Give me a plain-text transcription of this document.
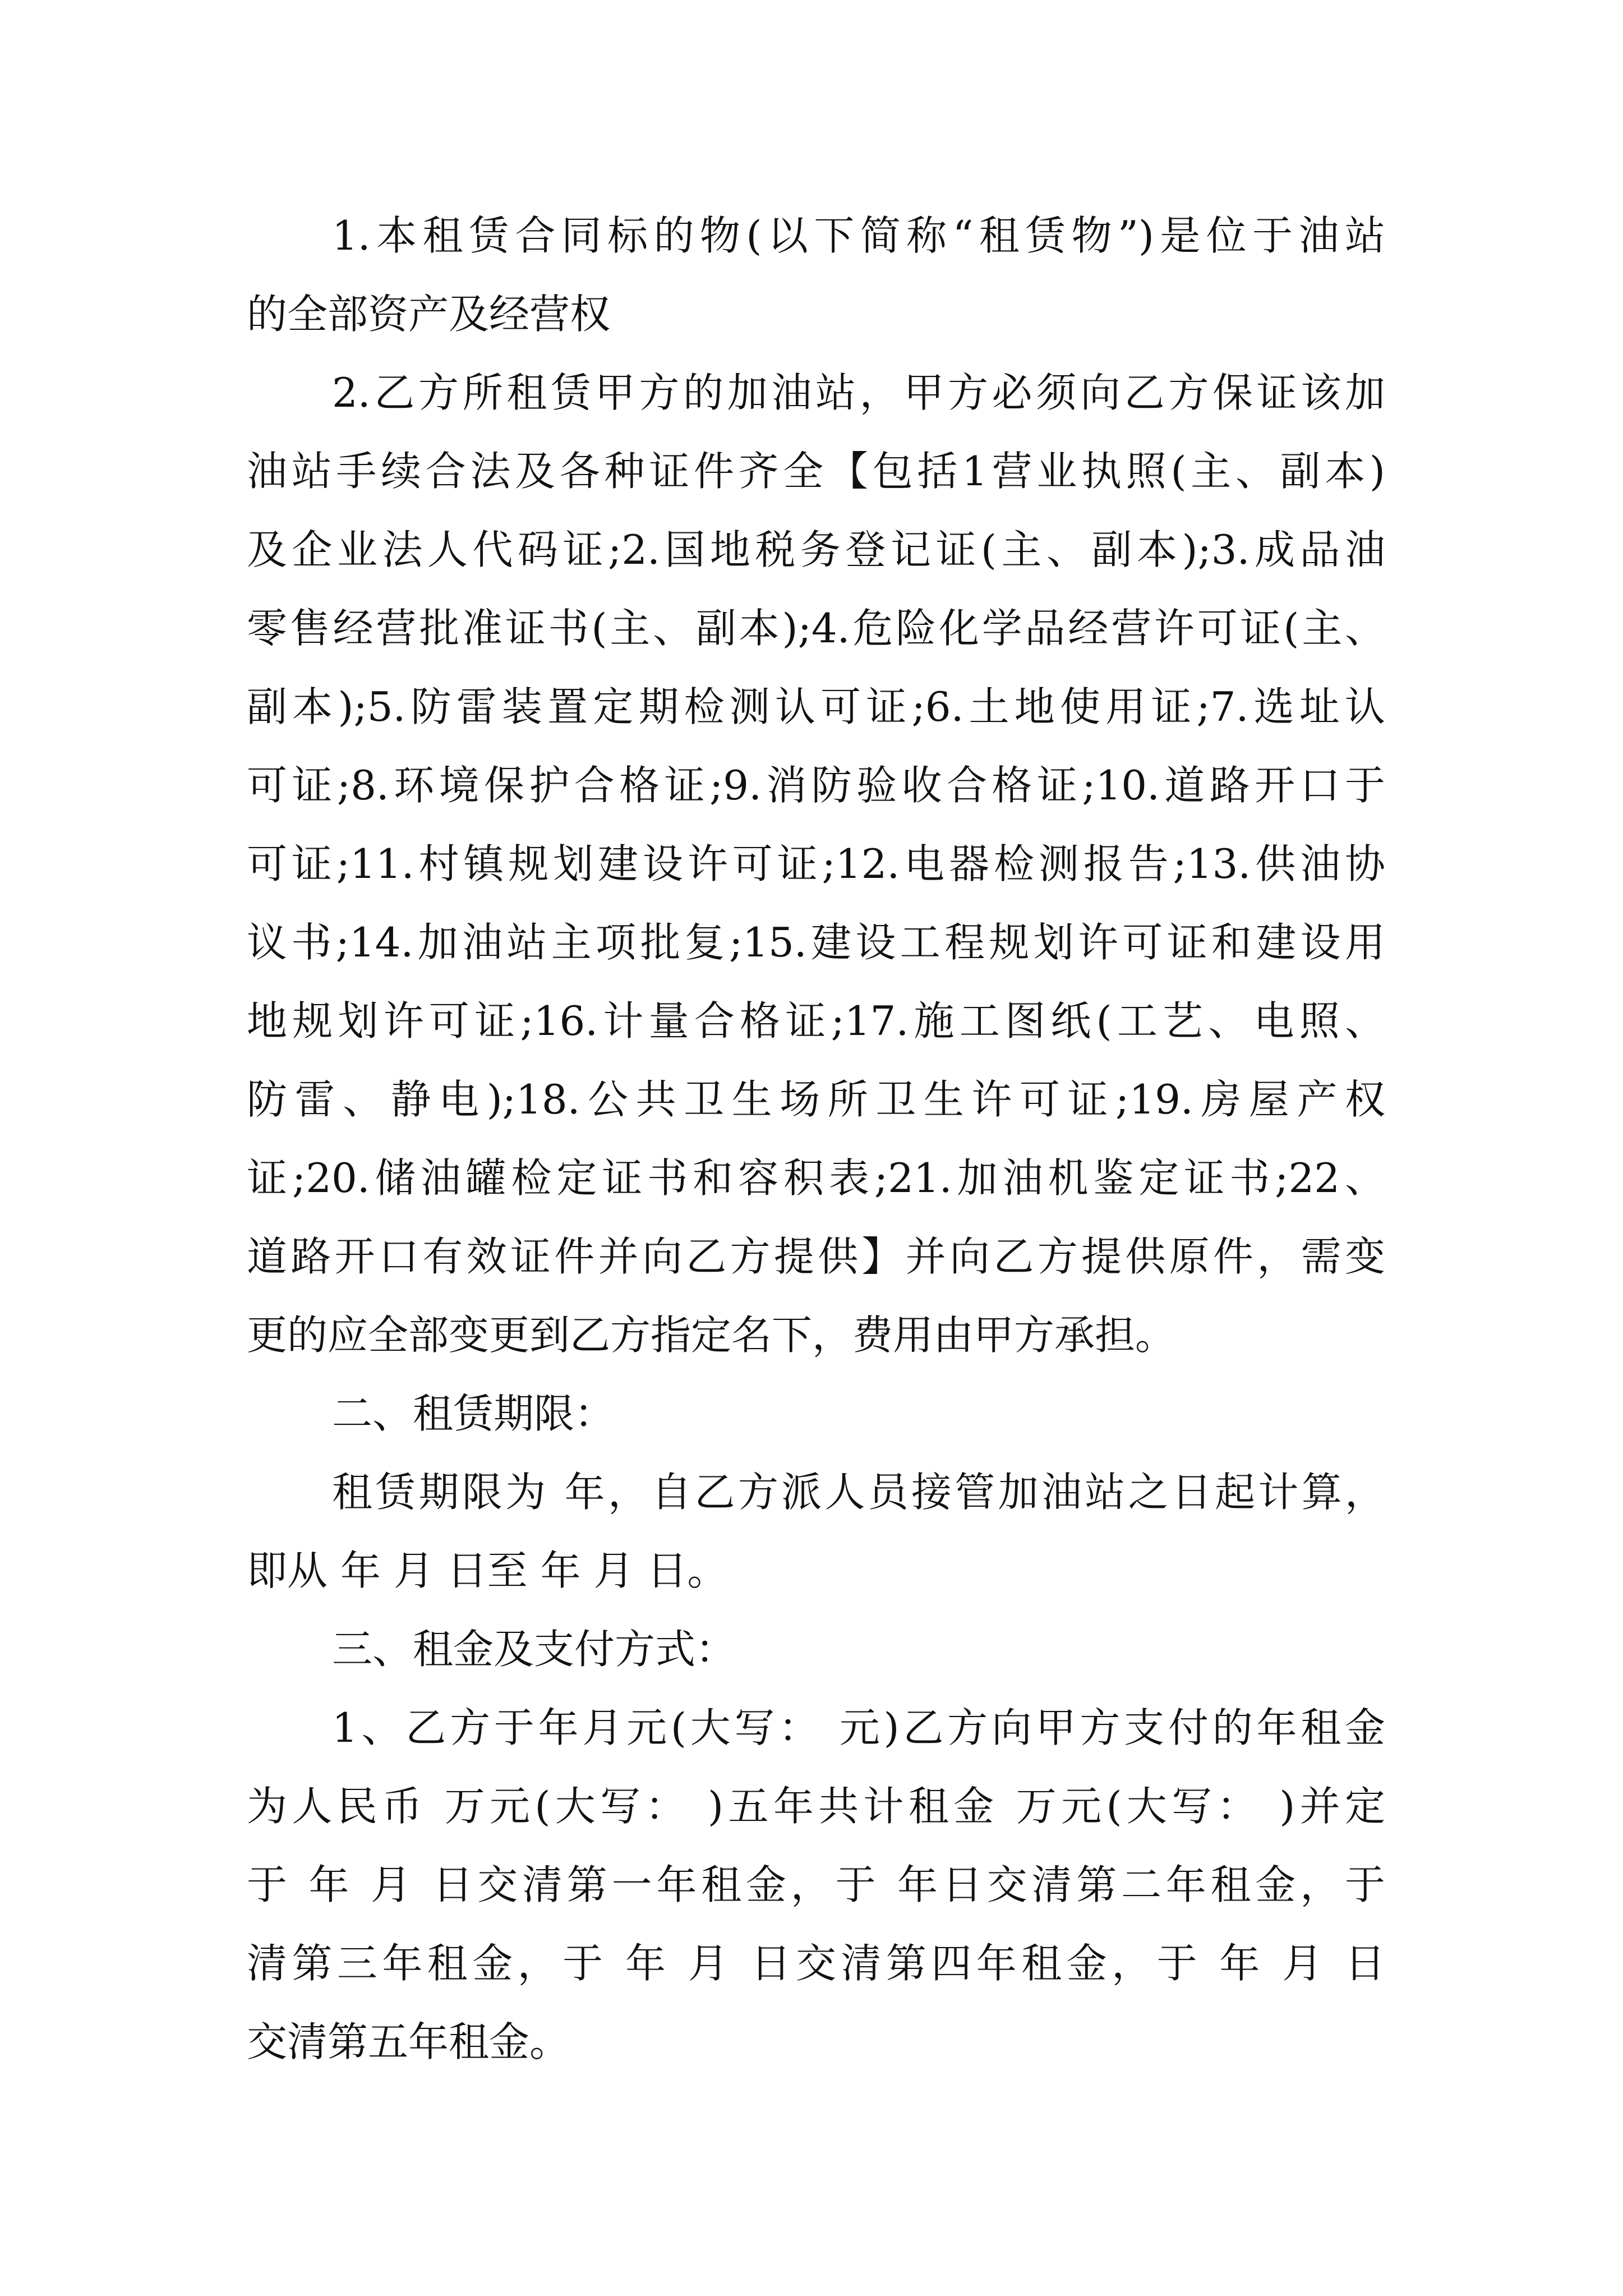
1.本租赁合同标的物(以下简称“租赁物”)是位于油站
的全部资产及经营权
2.乙方所租赁甲方的加油站，甲方必须向乙方保证该加
油站手续合法及各种证件齐全【包括1营业执照(主、副本)
及企业法人代码证;2.国地税务登记证(主、副本);3.成品油
零售经营批准证书(主、副本);4.危险化学品经营许可证(主、
副本);5.防雷装置定期检测认可证;6.土地使用证;7.选址认
可证;8.环境保护合格证;9.消防验收合格证;10.道路开口于
可证;11.村镇规划建设许可证;12.电器检测报告;13.供油协
议书;14.加油站主项批复;15.建设工程规划许可证和建设用
地规划许可证;16.计量合格证;17.施工图纸(工艺、电照、
防雷、静电);18.公共卫生场所卫生许可证;19.房屋产权
证;20.储油罐检定证书和容积表;21.加油机鉴定证书;22、
道路开口有效证件并向乙方提供】并向乙方提供原件，需变
更的应全部变更到乙方指定名下，费用由甲方承担。
二、租赁期限：
租赁期限为 年，自乙方派人员接管加油站之日起计算，
即从 年 月 日至 年 月 日。
三、租金及支付方式：
1、乙方于年月元(大写： 元)乙方向甲方支付的年租金
为人民币 万元(大写： )五年共计租金 万元(大写： )并定
于 年 月 日交清第一年租金，于 年日交清第二年租金，于
清第三年租金，于 年 月 日交清第四年租金，于 年 月 日
交清第五年租金。
